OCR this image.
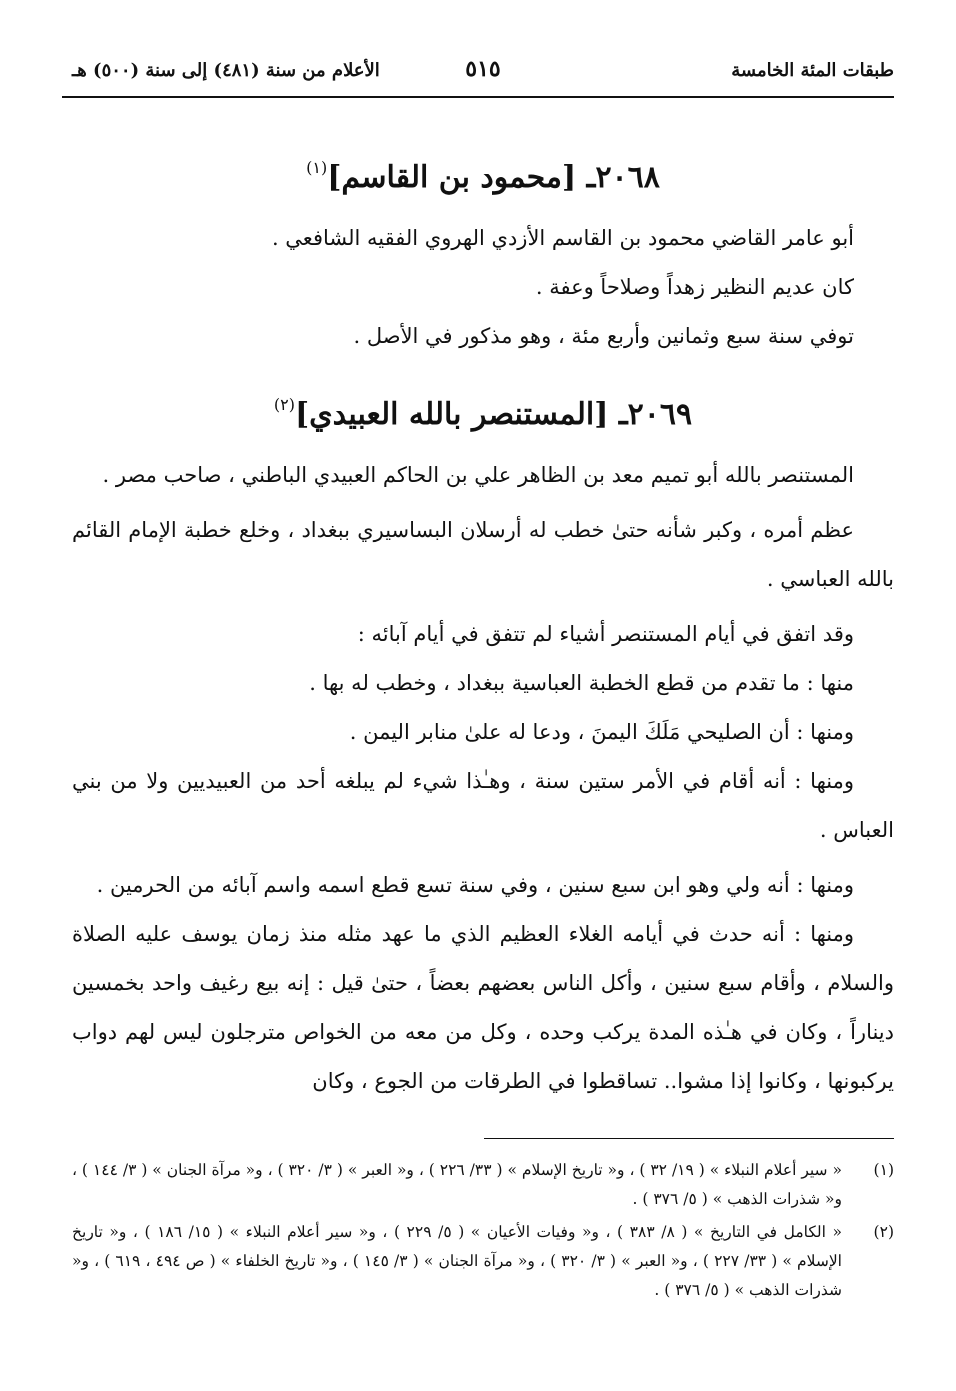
طبقات المئة الخامسة
٥١٥
الأعلام من سنة (٤٨١) إلى سنة (٥٠٠) هـ
٢٠٦٨ـ [محمود بن القاسم]$^{(١)}$

أبو عامر القاضي محمود بن القاسم الأزدي الهروي الفقيه الشافعي .

كان عديم النظير زهداً وصلاحاً وعفة .

توفي سنة سبع وثمانين وأربع مئة ، وهو مذكور في الأصل .

٢٠٦٩ـ [المستنصر بالله العبيدي]$^{(٢)}$

المستنصر بالله أبو تميم معد بن الظاهر علي بن الحاكم العبيدي الباطني ، صاحب مصر .

عظم أمره ، وكبر شأنه حتىٰ خطب له أرسلان البساسيري ببغداد ، وخلع خطبة الإمام القائم بالله العباسي .

وقد اتفق في أيام المستنصر أشياء لم تتفق في أيام آبائه :

منها : ما تقدم من قطع الخطبة العباسية ببغداد ، وخطب له بها .

ومنها : أن الصليحي مَلَكَ اليمنَ ، ودعا له علىٰ منابر اليمن .

ومنها : أنه أقام في الأمر ستين سنة ، وهـٰذا شيء لم يبلغه أحد من العبيديين ولا من بني العباس .

ومنها : أنه ولي وهو ابن سبع سنين ، وفي سنة تسع قطع اسمه واسم آبائه من الحرمين .

ومنها : أنه حدث في أيامه الغلاء العظيم الذي ما عهد مثله منذ زمان يوسف عليه الصلاة والسلام ، وأقام سبع سنين ، وأكل الناس بعضهم بعضاً ، حتىٰ قيل : إنه بيع رغيف واحد بخمسين ديناراً ، وكان في هـٰذه المدة يركب وحده ، وكل من معه من الخواص مترجلون ليس لهم دواب يركبونها ، وكانوا إذا مشوا.. تساقطوا في الطرقات من الجوع ، وكان

(١)
« سير أعلام النبلاء » ( ١٩/ ٣٢ ) ، و« تاريخ الإسلام » ( ٣٣/ ٢٢٦ ) ، و« العبر » ( ٣/ ٣٢٠ ) ، و« مرآة الجنان » ( ٣/ ١٤٤ ) ، و« شذرات الذهب » ( ٥/ ٣٧٦ ) .
(٢)
« الكامل في التاريخ » ( ٨/ ٣٨٣ ) ، و« وفيات الأعيان » ( ٥/ ٢٢٩ ) ، و« سير أعلام النبلاء » ( ١٥/ ١٨٦ ) ، و« تاريخ الإسلام » ( ٣٣/ ٢٢٧ ) ، و« العبر » ( ٣/ ٣٢٠ ) ، و« مرآة الجنان » ( ٣/ ١٤٥ ) ، و« تاريخ الخلفاء » ( ص ٤٩٤ ، ٦١٩ ) ، و« شذرات الذهب » ( ٥/ ٣٧٦ ) .
